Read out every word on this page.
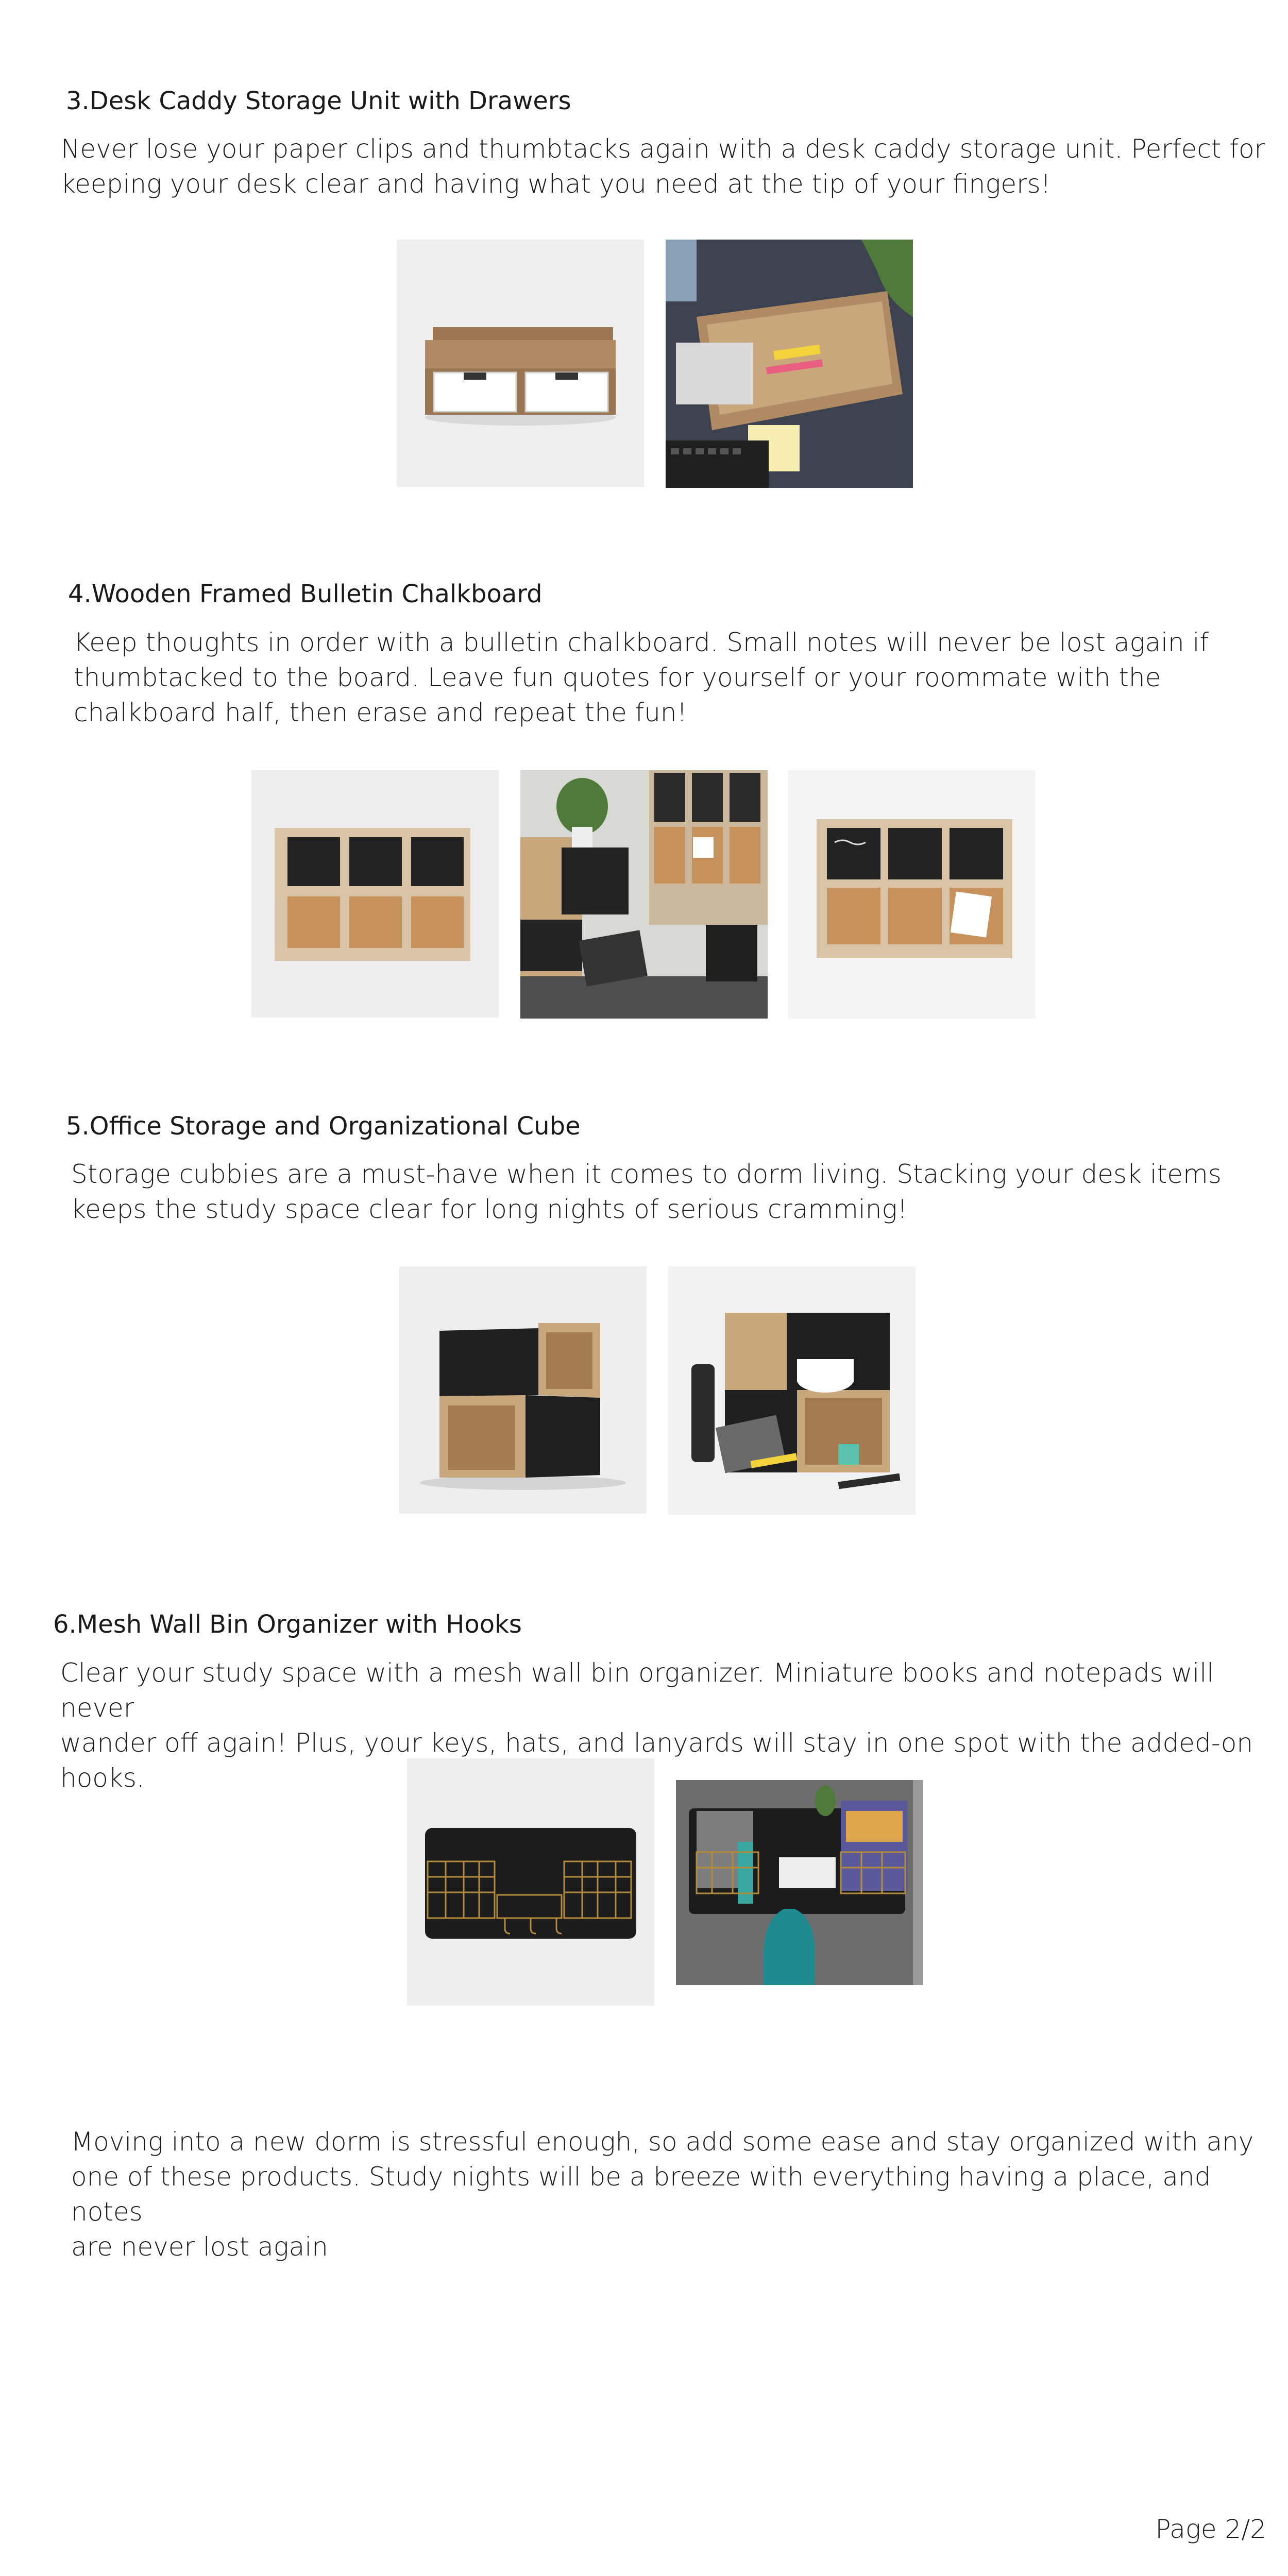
3.Desk Caddy Storage Unit with Drawers

Never lose your paper clips and thumbtacks again with a desk caddy storage unit. Perfect for

keeping your desk clear and having what you need at the tip of your fingers!

4.Wooden Framed Bulletin Chalkboard

Keep thoughts in order with a bulletin chalkboard. Small notes will never be lost again if

thumbtacked to the board. Leave fun quotes for yourself or your roommate with the

chalkboard half, then erase and repeat the fun!

5.Office Storage and Organizational Cube

Storage cubbies are a must-have when it comes to dorm living. Stacking your desk items

keeps the study space clear for long nights of serious cramming!

6.Mesh Wall Bin Organizer with Hooks

Clear your study space with a mesh wall bin organizer. Miniature books and notepads will never

wander off again! Plus, your keys, hats, and lanyards will stay in one spot with the added-on

hooks.

Moving into a new dorm is stressful enough, so add some ease and stay organized with any

one of these products. Study nights will be a breeze with everything having a place, and notes

are never lost again

Page 2/2
